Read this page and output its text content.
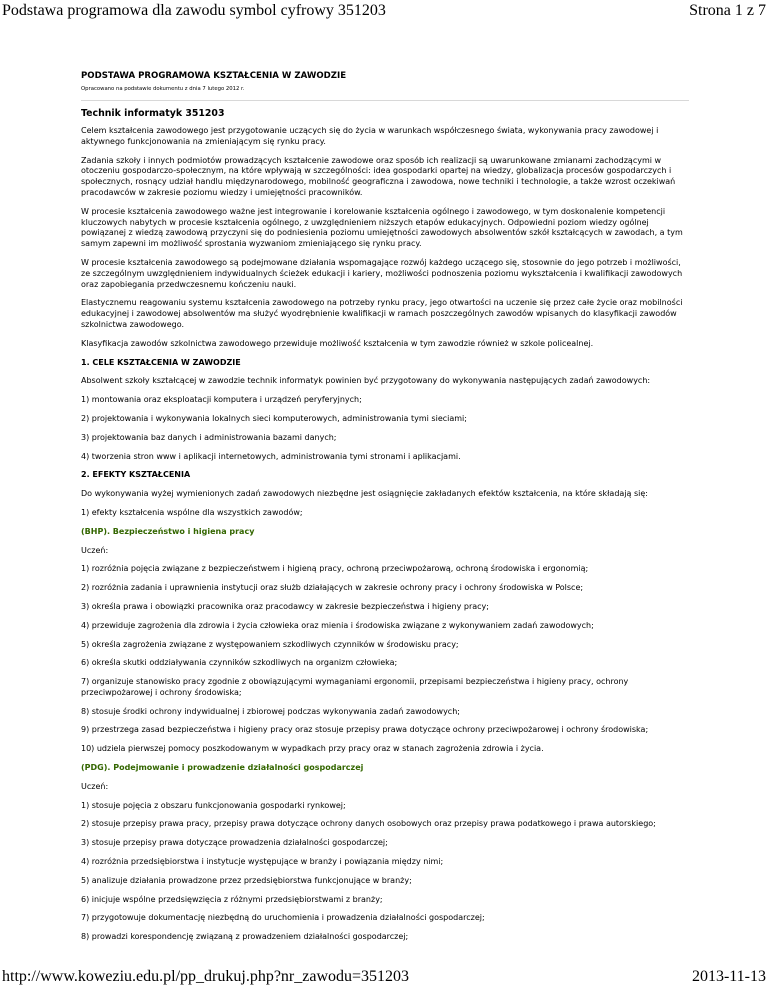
Podstawa programowa dla zawodu symbol cyfrowy 351203	Strona 1 z 7

PODSTAWA PROGRAMOWA KSZTAŁCENIA W ZAWODZIE

Opracowano na podstawie dokumentu z dnia 7 lutego 2012 r.

Technik informatyk 351203

Celem kształcenia zawodowego jest przygotowanie uczących się do życia w warunkach współczesnego świata, wykonywania pracy zawodowej i aktywnego funkcjonowania na zmieniającym się rynku pracy.

Zadania szkoły i innych podmiotów prowadzących kształcenie zawodowe oraz sposób ich realizacji są uwarunkowane zmianami zachodzącymi w otoczeniu gospodarczo-społecznym, na które wpływają w szczególności: idea gospodarki opartej na wiedzy, globalizacja procesów gospodarczych i społecznych, rosnący udział handlu międzynarodowego, mobilność geograficzna i zawodowa, nowe techniki i technologie, a także wzrost oczekiwań pracodawców w zakresie poziomu wiedzy i umiejętności pracowników.

W procesie kształcenia zawodowego ważne jest integrowanie i korelowanie kształcenia ogólnego i zawodowego, w tym doskonalenie kompetencji kluczowych nabytych w procesie kształcenia ogólnego, z uwzględnieniem niższych etapów edukacyjnych. Odpowiedni poziom wiedzy ogólnej powiązanej z wiedzą zawodową przyczyni się do podniesienia poziomu umiejętności zawodowych absolwentów szkół kształcących w zawodach, a tym samym zapewni im możliwość sprostania wyzwaniom zmieniającego się rynku pracy.

W procesie kształcenia zawodowego są podejmowane działania wspomagające rozwój każdego uczącego się, stosownie do jego potrzeb i możliwości, ze szczególnym uwzględnieniem indywidualnych ścieżek edukacji i kariery, możliwości podnoszenia poziomu wykształcenia i kwalifikacji zawodowych oraz zapobiegania przedwczesnemu kończeniu nauki.

Elastycznemu reagowaniu systemu kształcenia zawodowego na potrzeby rynku pracy, jego otwartości na uczenie się przez całe życie oraz mobilności edukacyjnej i zawodowej absolwentów ma służyć wyodrębnienie kwalifikacji w ramach poszczególnych zawodów wpisanych do klasyfikacji zawodów szkolnictwa zawodowego.

Klasyfikacja zawodów szkolnictwa zawodowego przewiduje możliwość kształcenia w tym zawodzie również w szkole policealnej.

1. CELE KSZTAŁCENIA W ZAWODZIE

Absolwent szkoły kształcącej w zawodzie technik informatyk powinien być przygotowany do wykonywania następujących zadań zawodowych:

1) montowania oraz eksploatacji komputera i urządzeń peryferyjnych;

2) projektowania i wykonywania lokalnych sieci komputerowych, administrowania tymi sieciami;

3) projektowania baz danych i administrowania bazami danych;

4) tworzenia stron www i aplikacji internetowych, administrowania tymi stronami i aplikacjami.

2. EFEKTY KSZTAŁCENIA

Do wykonywania wyżej wymienionych zadań zawodowych niezbędne jest osiągnięcie zakładanych efektów kształcenia, na które składają się:

1) efekty kształcenia wspólne dla wszystkich zawodów;

(BHP). Bezpieczeństwo i higiena pracy

Uczeń:

1) rozróżnia pojęcia związane z bezpieczeństwem i higieną pracy, ochroną przeciwpożarową, ochroną środowiska i ergonomią;

2) rozróżnia zadania i uprawnienia instytucji oraz służb działających w zakresie ochrony pracy i ochrony środowiska w Polsce;

3) określa prawa i obowiązki pracownika oraz pracodawcy w zakresie bezpieczeństwa i higieny pracy;

4) przewiduje zagrożenia dla zdrowia i życia człowieka oraz mienia i środowiska związane z wykonywaniem zadań zawodowych;

5) określa zagrożenia związane z występowaniem szkodliwych czynników w środowisku pracy;

6) określa skutki oddziaływania czynników szkodliwych na organizm człowieka;

7) organizuje stanowisko pracy zgodnie z obowiązującymi wymaganiami ergonomii, przepisami bezpieczeństwa i higieny pracy, ochrony przeciwpożarowej i ochrony środowiska;

8) stosuje środki ochrony indywidualnej i zbiorowej podczas wykonywania zadań zawodowych;

9) przestrzega zasad bezpieczeństwa i higieny pracy oraz stosuje przepisy prawa dotyczące ochrony przeciwpożarowej i ochrony środowiska;

10) udziela pierwszej pomocy poszkodowanym w wypadkach przy pracy oraz w stanach zagrożenia zdrowia i życia.

(PDG). Podejmowanie i prowadzenie działalności gospodarczej

Uczeń:

1) stosuje pojęcia z obszaru funkcjonowania gospodarki rynkowej;

2) stosuje przepisy prawa pracy, przepisy prawa dotyczące ochrony danych osobowych oraz przepisy prawa podatkowego i prawa autorskiego;

3) stosuje przepisy prawa dotyczące prowadzenia działalności gospodarczej;

4) rozróżnia przedsiębiorstwa i instytucje występujące w branży i powiązania między nimi;

5) analizuje działania prowadzone przez przedsiębiorstwa funkcjonujące w branży;

6) inicjuje wspólne przedsięwzięcia z różnymi przedsiębiorstwami z branży;

7) przygotowuje dokumentację niezbędną do uruchomienia i prowadzenia działalności gospodarczej;

8) prowadzi korespondencję związaną z prowadzeniem działalności gospodarczej;

http://www.koweziu.edu.pl/pp_drukuj.php?nr_zawodu=351203	2013-11-13
